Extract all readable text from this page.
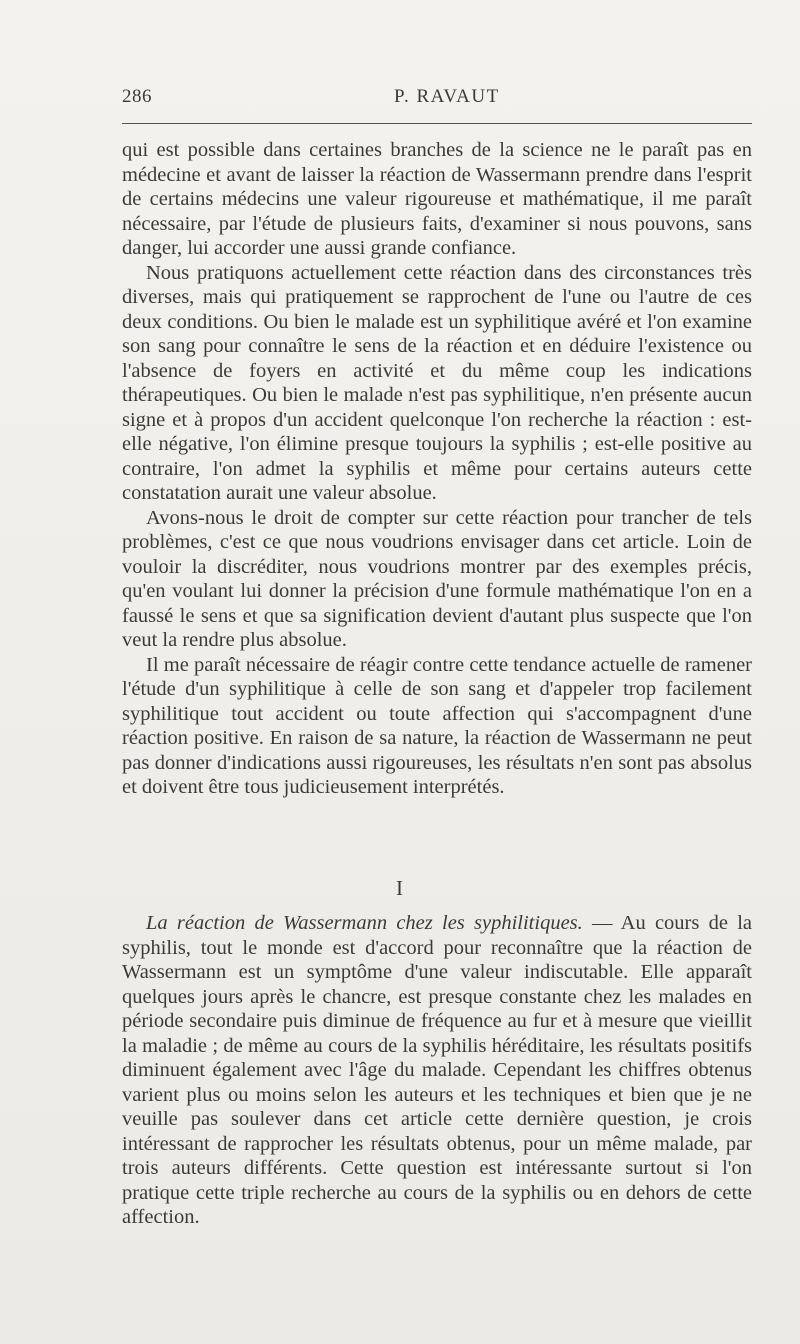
286	P. RAVAUT

qui est possible dans certaines branches de la science ne le paraît pas en médecine et avant de laisser la réaction de Wassermann prendre dans l'esprit de certains médecins une valeur rigoureuse et mathématique, il me paraît nécessaire, par l'étude de plusieurs faits, d'examiner si nous pouvons, sans danger, lui accorder une aussi grande confiance.

Nous pratiquons actuellement cette réaction dans des circonstances très diverses, mais qui pratiquement se rapprochent de l'une ou l'autre de ces deux conditions. Ou bien le malade est un syphilitique avéré et l'on examine son sang pour connaître le sens de la réaction et en déduire l'existence ou l'absence de foyers en activité et du même coup les indications thérapeutiques. Ou bien le malade n'est pas syphilitique, n'en présente aucun signe et à propos d'un accident quelconque l'on recherche la réaction : est-elle négative, l'on élimine presque toujours la syphilis ; est-elle positive au contraire, l'on admet la syphilis et même pour certains auteurs cette constatation aurait une valeur absolue.

Avons-nous le droit de compter sur cette réaction pour trancher de tels problèmes, c'est ce que nous voudrions envisager dans cet article. Loin de vouloir la discréditer, nous voudrions montrer par des exemples précis, qu'en voulant lui donner la précision d'une formule mathématique l'on en a faussé le sens et que sa signification devient d'autant plus suspecte que l'on veut la rendre plus absolue.

Il me paraît nécessaire de réagir contre cette tendance actuelle de ramener l'étude d'un syphilitique à celle de son sang et d'appeler trop facilement syphilitique tout accident ou toute affection qui s'accompagnent d'une réaction positive. En raison de sa nature, la réaction de Wassermann ne peut pas donner d'indications aussi rigoureuses, les résultats n'en sont pas absolus et doivent être tous judicieusement interprétés.

I

La réaction de Wassermann chez les syphilitiques. — Au cours de la syphilis, tout le monde est d'accord pour reconnaître que la réaction de Wassermann est un symptôme d'une valeur indiscutable. Elle apparaît quelques jours après le chancre, est presque constante chez les malades en période secondaire puis diminue de fréquence au fur et à mesure que vieillit la maladie ; de même au cours de la syphilis héréditaire, les résultats positifs diminuent également avec l'âge du malade. Cependant les chiffres obtenus varient plus ou moins selon les auteurs et les techniques et bien que je ne veuille pas soulever dans cet article cette dernière question, je crois intéressant de rapprocher les résultats obtenus, pour un même malade, par trois auteurs différents. Cette question est intéressante surtout si l'on pratique cette triple recherche au cours de la syphilis ou en dehors de cette affection.
